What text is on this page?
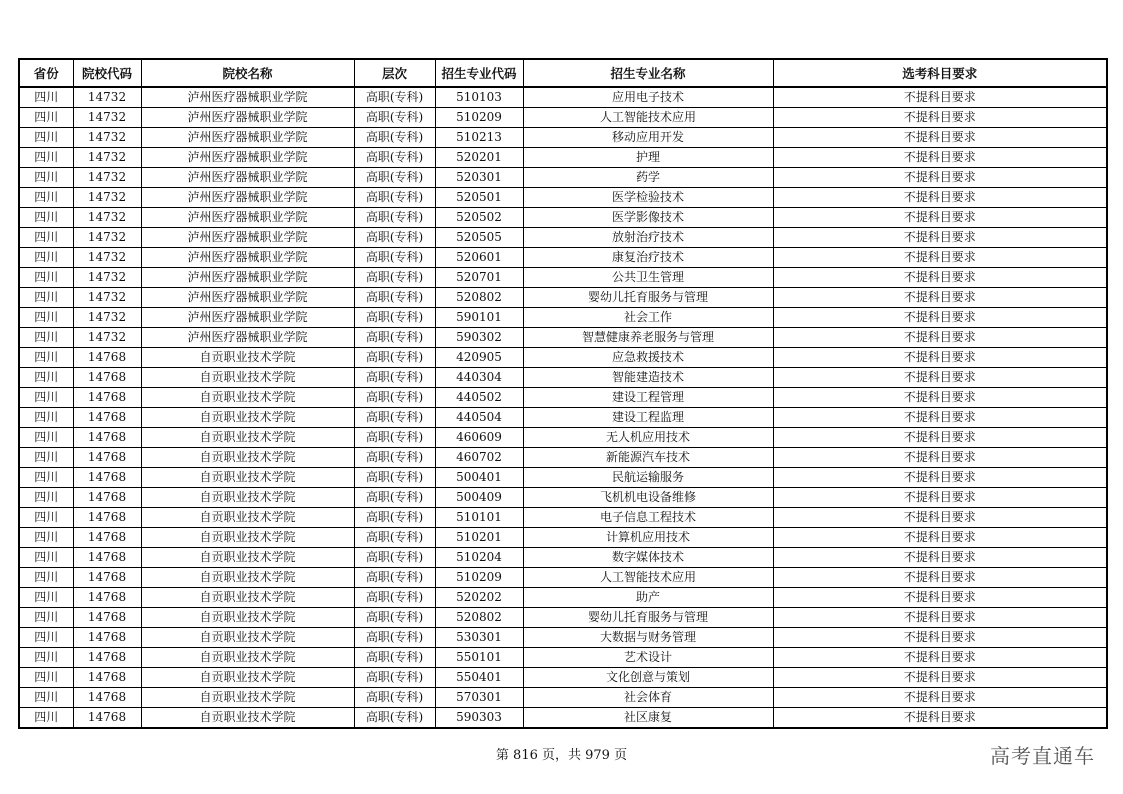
省份	院校代码	院校名称	层次	招生专业代码	招生专业名称	选考科目要求
四川	14732	泸州医疗器械职业学院	高职(专科)	510103	应用电子技术	不提科目要求
四川	14732	泸州医疗器械职业学院	高职(专科)	510209	人工智能技术应用	不提科目要求
四川	14732	泸州医疗器械职业学院	高职(专科)	510213	移动应用开发	不提科目要求
四川	14732	泸州医疗器械职业学院	高职(专科)	520201	护理	不提科目要求
四川	14732	泸州医疗器械职业学院	高职(专科)	520301	药学	不提科目要求
四川	14732	泸州医疗器械职业学院	高职(专科)	520501	医学检验技术	不提科目要求
四川	14732	泸州医疗器械职业学院	高职(专科)	520502	医学影像技术	不提科目要求
四川	14732	泸州医疗器械职业学院	高职(专科)	520505	放射治疗技术	不提科目要求
四川	14732	泸州医疗器械职业学院	高职(专科)	520601	康复治疗技术	不提科目要求
四川	14732	泸州医疗器械职业学院	高职(专科)	520701	公共卫生管理	不提科目要求
四川	14732	泸州医疗器械职业学院	高职(专科)	520802	婴幼儿托育服务与管理	不提科目要求
四川	14732	泸州医疗器械职业学院	高职(专科)	590101	社会工作	不提科目要求
四川	14732	泸州医疗器械职业学院	高职(专科)	590302	智慧健康养老服务与管理	不提科目要求
四川	14768	自贡职业技术学院	高职(专科)	420905	应急救援技术	不提科目要求
四川	14768	自贡职业技术学院	高职(专科)	440304	智能建造技术	不提科目要求
四川	14768	自贡职业技术学院	高职(专科)	440502	建设工程管理	不提科目要求
四川	14768	自贡职业技术学院	高职(专科)	440504	建设工程监理	不提科目要求
四川	14768	自贡职业技术学院	高职(专科)	460609	无人机应用技术	不提科目要求
四川	14768	自贡职业技术学院	高职(专科)	460702	新能源汽车技术	不提科目要求
四川	14768	自贡职业技术学院	高职(专科)	500401	民航运输服务	不提科目要求
四川	14768	自贡职业技术学院	高职(专科)	500409	飞机机电设备维修	不提科目要求
四川	14768	自贡职业技术学院	高职(专科)	510101	电子信息工程技术	不提科目要求
四川	14768	自贡职业技术学院	高职(专科)	510201	计算机应用技术	不提科目要求
四川	14768	自贡职业技术学院	高职(专科)	510204	数字媒体技术	不提科目要求
四川	14768	自贡职业技术学院	高职(专科)	510209	人工智能技术应用	不提科目要求
四川	14768	自贡职业技术学院	高职(专科)	520202	助产	不提科目要求
四川	14768	自贡职业技术学院	高职(专科)	520802	婴幼儿托育服务与管理	不提科目要求
四川	14768	自贡职业技术学院	高职(专科)	530301	大数据与财务管理	不提科目要求
四川	14768	自贡职业技术学院	高职(专科)	550101	艺术设计	不提科目要求
四川	14768	自贡职业技术学院	高职(专科)	550401	文化创意与策划	不提科目要求
四川	14768	自贡职业技术学院	高职(专科)	570301	社会体育	不提科目要求
四川	14768	自贡职业技术学院	高职(专科)	590303	社区康复	不提科目要求
第 816 页，共 979 页	高考直通车
